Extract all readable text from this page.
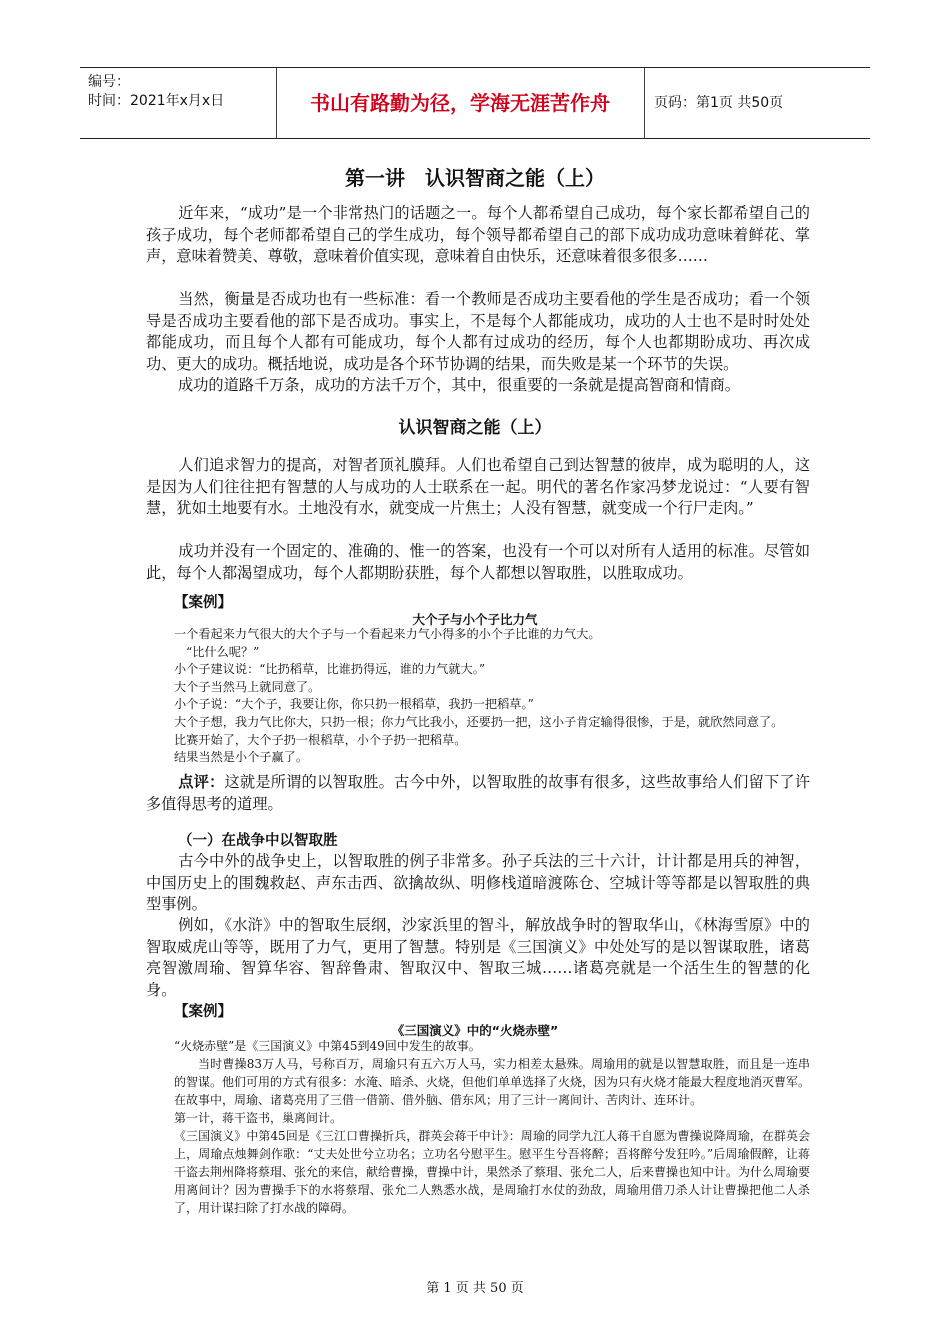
编号：
时间：2021年x月x日	书山有路勤为径，学海无涯苦作舟	页码：第1页 共50页
第一讲　认识智商之能（上）

近年来，“成功”是一个非常热门的话题之一。每个人都希望自己成功，每个家长都希望自己的孩子成功，每个老师都希望自己的学生成功，每个领导都希望自己的部下成功成功意味着鲜花、掌声，意味着赞美、尊敬，意味着价值实现，意味着自由快乐，还意味着很多很多……

当然，衡量是否成功也有一些标准：看一个教师是否成功主要看他的学生是否成功；看一个领导是否成功主要看他的部下是否成功。事实上，不是每个人都能成功，成功的人士也不是时时处处都能成功，而且每个人都有可能成功，每个人都有过成功的经历，每个人也都期盼成功、再次成功、更大的成功。概括地说，成功是各个环节协调的结果，而失败是某一个环节的失误。

成功的道路千万条，成功的方法千万个，其中，很重要的一条就是提高智商和情商。

认识智商之能（上）

人们追求智力的提高，对智者顶礼膜拜。人们也希望自己到达智慧的彼岸，成为聪明的人，这是因为人们往往把有智慧的人与成功的人士联系在一起。明代的著名作家冯梦龙说过：“人要有智慧，犹如土地要有水。土地没有水，就变成一片焦土；人没有智慧，就变成一个行尸走肉。”

成功并没有一个固定的、准确的、惟一的答案，也没有一个可以对所有人适用的标准。尽管如此，每个人都渴望成功，每个人都期盼获胜，每个人都想以智取胜，以胜取成功。

【案例】
大个子与小个子比力气
一个看起来力气很大的大个子与一个看起来力气小得多的小个子比谁的力气大。
“比什么呢？”
小个子建议说：“比扔稻草，比谁扔得远，谁的力气就大。”
大个子当然马上就同意了。
小个子说：“大个子，我要让你，你只扔一根稻草，我扔一把稻草。”
大个子想，我力气比你大，只扔一根；你力气比我小，还要扔一把，这小子肯定输得很惨，于是，就欣然同意了。
比赛开始了，大个子扔一根稻草，小个子扔一把稻草。
结果当然是小个子赢了。

点评：这就是所谓的以智取胜。古今中外，以智取胜的故事有很多，这些故事给人们留下了许多值得思考的道理。

（一）在战争中以智取胜

古今中外的战争史上，以智取胜的例子非常多。孙子兵法的三十六计，计计都是用兵的神智，中国历史上的围魏救赵、声东击西、欲擒故纵、明修栈道暗渡陈仓、空城计等等都是以智取胜的典型事例。

例如，《水浒》中的智取生辰纲，沙家浜里的智斗，解放战争时的智取华山，《林海雪原》中的智取威虎山等等，既用了力气，更用了智慧。特别是《三国演义》中处处写的是以智谋取胜，诸葛亮智激周瑜、智算华容、智辞鲁肃、智取汉中、智取三城……诸葛亮就是一个活生生的智慧的化身。

【案例】
《三国演义》中的“火烧赤壁”
“火烧赤壁”是《三国演义》中第45到49回中发生的故事。
当时曹操83万人马，号称百万，周瑜只有五六万人马，实力相差太悬殊。周瑜用的就是以智慧取胜，而且是一连串的智谋。他们可用的方式有很多：水淹、暗杀、火烧，但他们单单选择了火烧，因为只有火烧才能最大程度地消灭曹军。
在故事中，周瑜、诸葛亮用了三借一借箭、借外脑、借东风；用了三计一离间计、苦肉计、连环计。
第一计，蒋干盗书，巢离间计。
《三国演义》中第45回是《三江口曹操折兵，群英会蒋干中计》：周瑜的同学九江人蒋干自愿为曹操说降周瑜，在群英会上，周瑜点烛舞剑作歌：“丈夫处世兮立功名；立功名兮慰平生。慰平生兮吾将醉；吾将醉兮发狂吟。”后周瑜假醉，让蒋干盗去荆州降将蔡瑁、张允的来信，献给曹操，曹操中计，果然杀了蔡瑁、张允二人，后来曹操也知中计。为什么周瑜要用离间计？因为曹操手下的水将蔡瑁、张允二人熟悉水战，是周瑜打水仗的劲敌，周瑜用借刀杀人计让曹操把他二人杀了，用计谋扫除了打水战的障碍。
第 1 页 共 50 页
